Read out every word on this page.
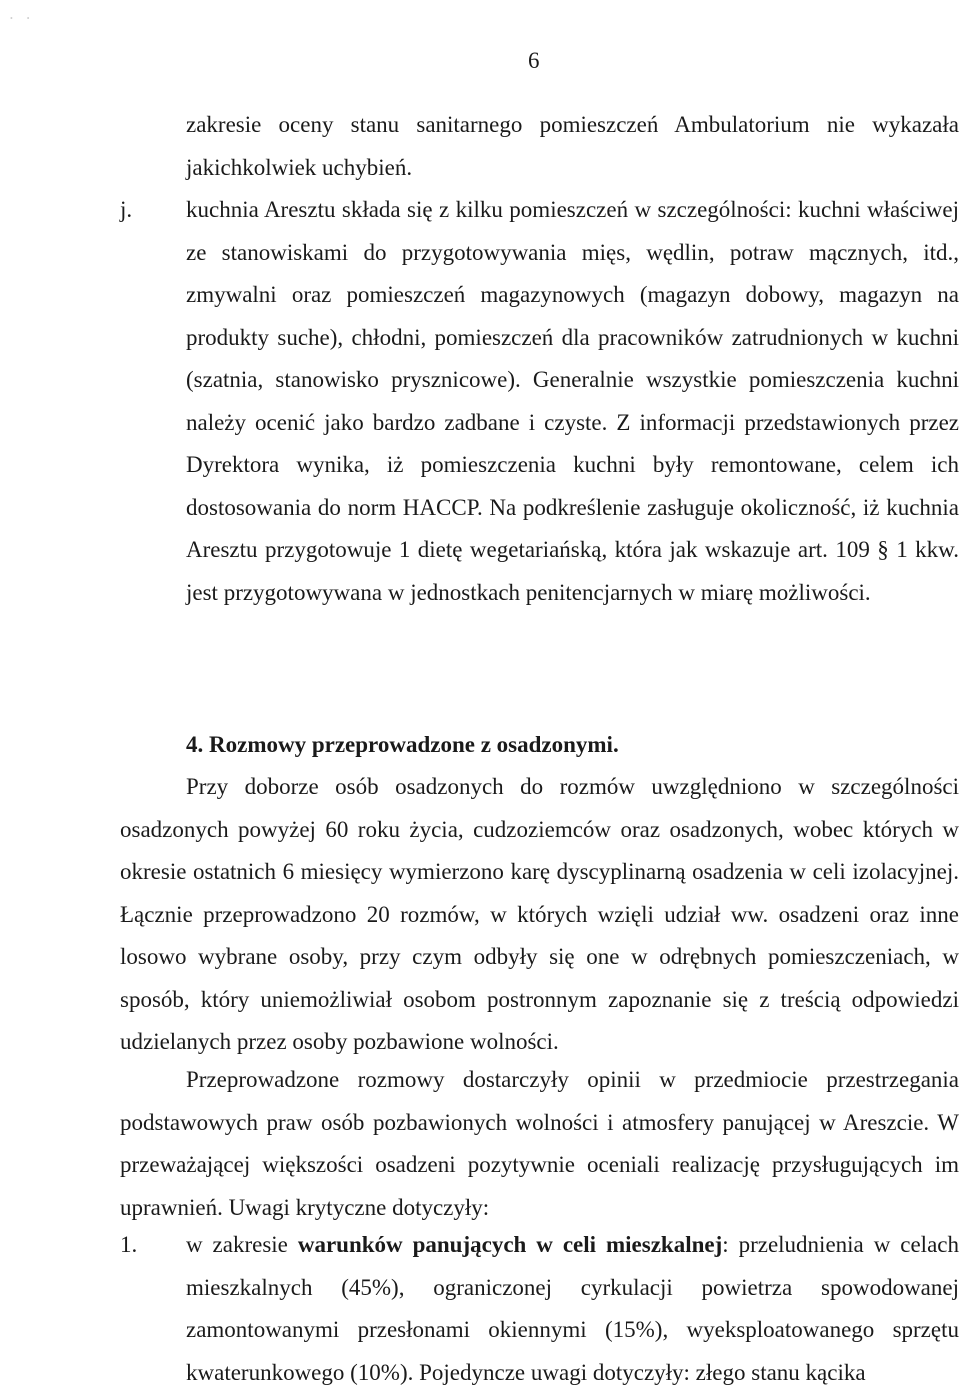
• •
6
zakresie oceny stanu sanitarnego pomieszczeń Ambulatorium nie wykazała jakichkolwiek uchybień.
j. kuchnia Aresztu składa się z kilku pomieszczeń w szczególności: kuchni właściwej ze stanowiskami do przygotowywania mięs, wędlin, potraw mącznych, itd., zmywalni oraz pomieszczeń magazynowych (magazyn dobowy, magazyn na produkty suche), chłodni, pomieszczeń dla pracowników zatrudnionych w kuchni (szatnia, stanowisko prysznicowe). Generalnie wszystkie pomieszczenia kuchni należy ocenić jako bardzo zadbane i czyste. Z informacji przedstawionych przez Dyrektora wynika, iż pomieszczenia kuchni były remontowane, celem ich dostosowania do norm HACCP. Na podkreślenie zasługuje okoliczność, iż kuchnia Aresztu przygotowuje 1 dietę wegetariańską, która jak wskazuje art. 109 § 1 kkw. jest przygotowywana w jednostkach penitencjarnych w miarę możliwości.
4. Rozmowy przeprowadzone z osadzonymi.
Przy doborze osób osadzonych do rozmów uwzględniono w szczególności osadzonych powyżej 60 roku życia, cudzoziemców oraz osadzonych, wobec których w okresie ostatnich 6 miesięcy wymierzono karę dyscyplinarną osadzenia w celi izolacyjnej. Łącznie przeprowadzono 20 rozmów, w których wzięli udział ww. osadzeni oraz inne losowo wybrane osoby, przy czym odbyły się one w odrębnych pomieszczeniach, w sposób, który uniemożliwiał osobom postronnym zapoznanie się z treścią odpowiedzi udzielanych przez osoby pozbawione wolności.
Przeprowadzone rozmowy dostarczyły opinii w przedmiocie przestrzegania podstawowych praw osób pozbawionych wolności i atmosfery panującej w Areszcie. W przeważającej większości osadzeni pozytywnie oceniali realizację przysługujących im uprawnień. Uwagi krytyczne dotyczyły:
1. w zakresie warunków panujących w celi mieszkalnej: przeludnienia w celach mieszkalnych (45%), ograniczonej cyrkulacji powietrza spowodowanej zamontowanymi przesłonami okiennymi (15%), wyeksploatowanego sprzętu kwaterunkowego (10%). Pojedyncze uwagi dotyczyły: złego stanu kącika
